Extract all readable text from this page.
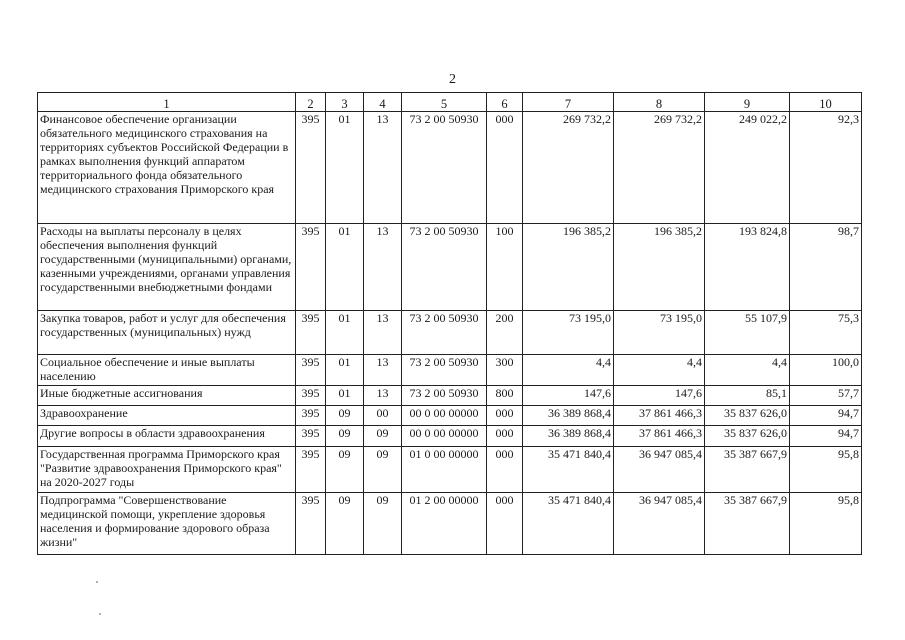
2
1	2	3	4	5	6	7	8	9	10
Финансовое обеспечение организации обязательного медицинского страхования на территориях субъектов Российской Федерации в рамках выполнения функций аппаратом территориального фонда обязательного медицинского страхования Приморского края	395	01	13	73 2 00 50930	000	269 732,2	269 732,2	249 022,2	92,3
Расходы на выплаты персоналу в целях обеспечения выполнения функций государственными (муниципальными) органами, казенными учреждениями, органами управления государственными внебюджетными фондами	395	01	13	73 2 00 50930	100	196 385,2	196 385,2	193 824,8	98,7
Закупка товаров, работ и услуг для обеспечения государственных (муниципальных) нужд	395	01	13	73 2 00 50930	200	73 195,0	73 195,0	55 107,9	75,3
Социальное обеспечение и иные выплаты населению	395	01	13	73 2 00 50930	300	4,4	4,4	4,4	100,0
Иные бюджетные ассигнования	395	01	13	73 2 00 50930	800	147,6	147,6	85,1	57,7
Здравоохранение	395	09	00	00 0 00 00000	000	36 389 868,4	37 861 466,3	35 837 626,0	94,7
Другие вопросы в области здравоохранения	395	09	09	00 0 00 00000	000	36 389 868,4	37 861 466,3	35 837 626,0	94,7
Государственная программа Приморского края "Развитие здравоохранения Приморского края" на 2020-2027 годы	395	09	09	01 0 00 00000	000	35 471 840,4	36 947 085,4	35 387 667,9	95,8
Подпрограмма "Совершенствование медицинской помощи, укрепление здоровья населения и формирование здорового образа жизни"	395	09	09	01 2 00 00000	000	35 471 840,4	36 947 085,4	35 387 667,9	95,8
